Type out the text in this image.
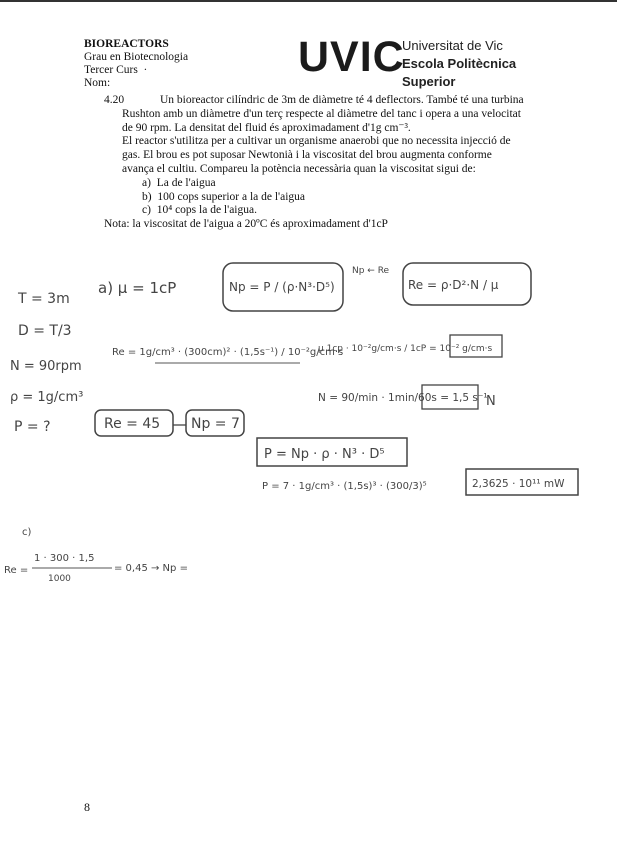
BIOREACTORS
Grau en Biotecnologia
Tercer Curs ·
Nom:
UVIC
Universitat de Vic
Escola Politècnica
Superior
4.20	Un bioreactor cilíndric de 3m de diàmetre té 4 deflectors. També té una turbina Rushton amb un diàmetre d'un terç respecte al diàmetre del tanc i opera a una velocitat de 90 rpm. La densitat del fluid és aproximadament d'1g cm⁻³.

El reactor s'utilitza per a cultivar un organisme anaerobi que no necessita injecció de gas. El brou es pot suposar Newtonià i la viscositat del brou augmenta conforme avança el cultiu. Compareu la potència necessària quan la viscositat sigui de:

a) La de l'aigua
b) 100 cops superior a la de l'aigua
c) 10⁴ cops la de l'aigua.
Nota: la viscositat de l'aigua a 20ºC és aproximadament d'1cP
T = 3m
D = T/3
N = 90rpm
ρ = 1g/cm³
P = ?
a) μ = 1cP	Np = P / (ρ·N³·D⁵)
Np ← Re
Re = ρ·D²·N / μ
Re = 1g/cm³ · (300cm)² · (1,5s⁻¹) / 10⁻²g/cm·s
μ 1cp · 10⁻²g/cm·s / 1cP = 10⁻² g/cm·s
N = 90/min · 1min/60s = 1,5 s⁻¹
N
Re = 45 Np = 7
P = Np · ρ · N³ · D⁵
P = 7 · 1g/cm³ · (1,5s)³ · (300/3)⁵	2,3625 · 10¹¹ mW
c)
Re =
1 · 300 · 1,5
1000
= 0,45 → Np =
8
